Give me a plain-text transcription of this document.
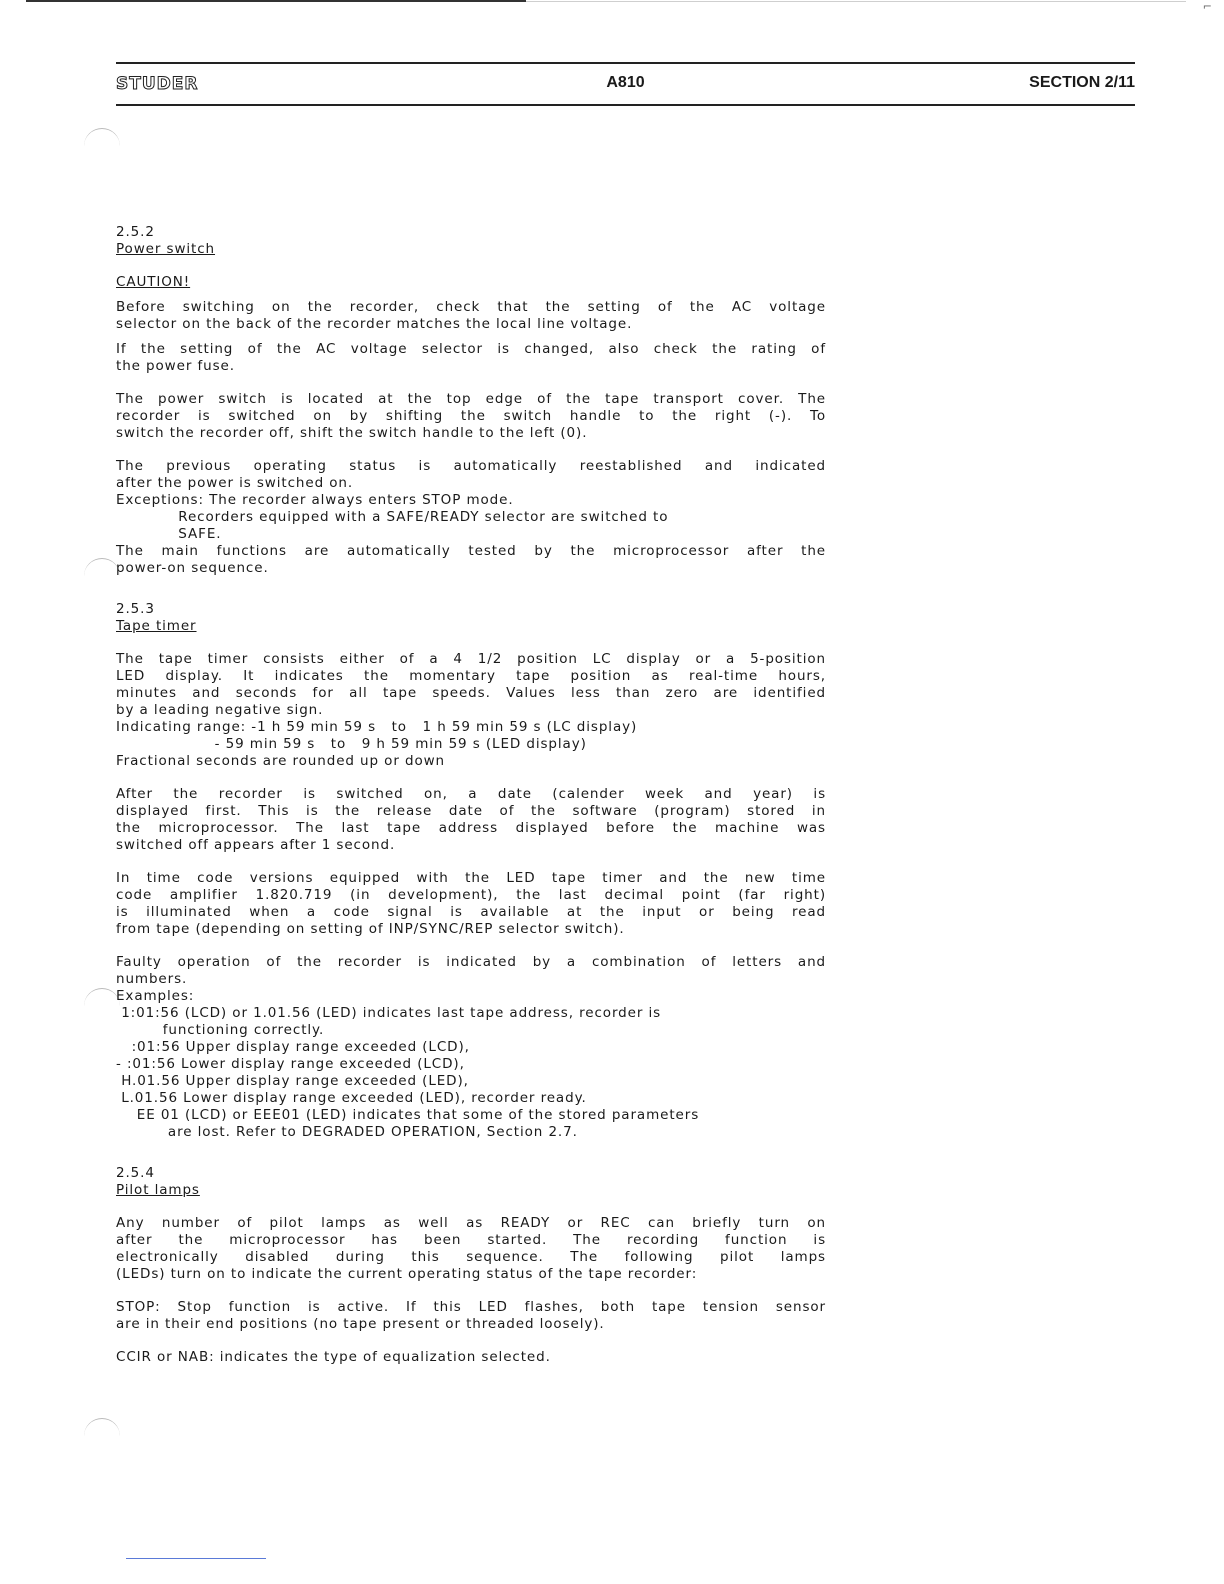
⌐
STUDER	A810	SECTION 2/11

2.5.2

Power switch

CAUTION!

Before switching on the recorder, check that the setting of the AC voltage

selector on the back of the recorder matches the local line voltage.

If the setting of the AC voltage selector is changed, also check the rating of

the power fuse.

The power switch is located at the top edge of the tape transport cover. The

recorder is switched on by shifting the switch handle to the right (-). To

switch the recorder off, shift the switch handle to the left (0).

The previous operating status is automatically reestablished and indicated

after the power is switched on.

Exceptions: The recorder always enters STOP mode.

Recorders equipped with a SAFE/READY selector are switched to

SAFE.

The main functions are automatically tested by the microprocessor after the

power-on sequence.

2.5.3

Tape timer

The tape timer consists either of a 4 1/2 position LC display or a 5-position

LED display. It indicates the momentary tape position as real-time hours,

minutes and seconds for all tape speeds. Values less than zero are identified

by a leading negative sign.

Indicating range: -1 h 59 min 59 s   to   1 h 59 min 59 s (LC display)

- 59 min 59 s   to   9 h 59 min 59 s (LED display)

Fractional seconds are rounded up or down

After the recorder is switched on, a date (calender week and year) is

displayed first. This is the release date of the software (program) stored in

the microprocessor. The last tape address displayed before the machine was

switched off appears after 1 second.

In time code versions equipped with the LED tape timer and the new time

code amplifier 1.820.719 (in development), the last decimal point (far right)

is illuminated when a code signal is available at the input or being read

from tape (depending on setting of INP/SYNC/REP selector switch).

Faulty operation of the recorder is indicated by a combination of letters and

numbers.

Examples:

1:01:56 (LCD) or 1.01.56 (LED) indicates last tape address, recorder is

functioning correctly.

:01:56 Upper display range exceeded (LCD),

- :01:56 Lower display range exceeded (LCD),

H.01.56 Upper display range exceeded (LED),

L.01.56 Lower display range exceeded (LED), recorder ready.

EE 01 (LCD) or EEE01 (LED) indicates that some of the stored parameters

are lost. Refer to DEGRADED OPERATION, Section 2.7.

2.5.4

Pilot lamps

Any number of pilot lamps as well as READY or REC can briefly turn on

after the microprocessor has been started. The recording function is

electronically disabled during this sequence. The following pilot lamps

(LEDs) turn on to indicate the current operating status of the tape recorder:

STOP: Stop function is active. If this LED flashes, both tape tension sensor

are in their end positions (no tape present or threaded loosely).

CCIR or NAB: indicates the type of equalization selected.
